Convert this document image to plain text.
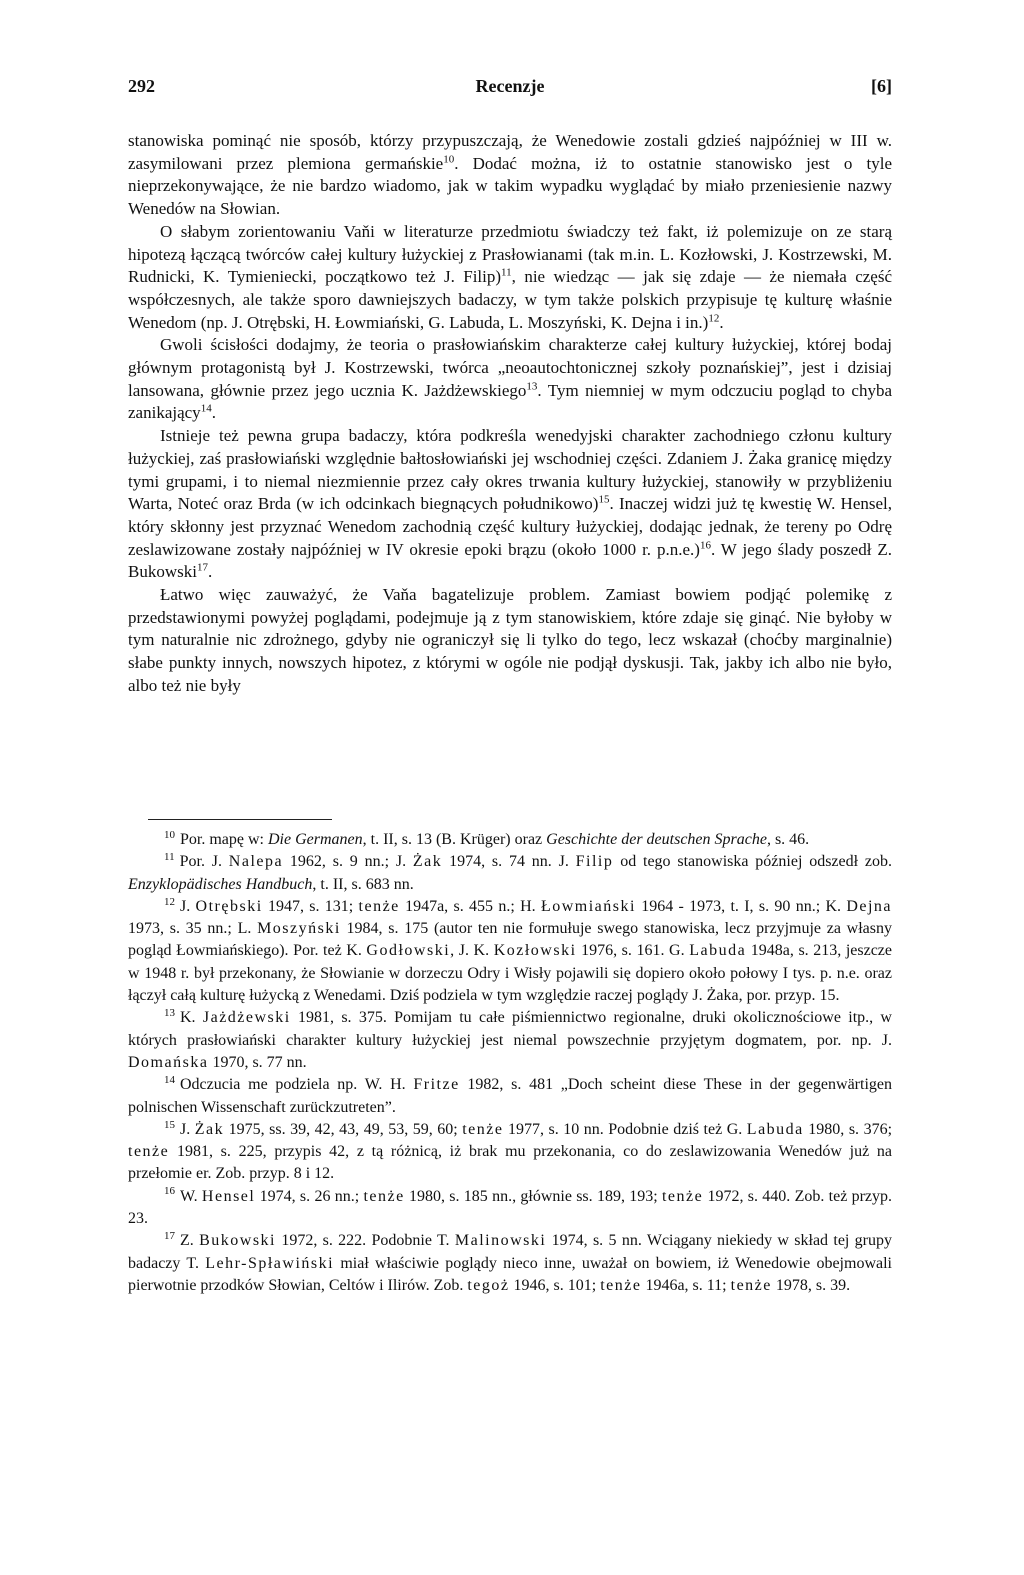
292	Recenzje	[6]

stanowiska pominąć nie sposób, którzy przypuszczają, że Wenedowie zostali gdzieś najpóźniej w III w. zasymilowani przez plemiona germańskie$^{10}$. Dodać można, iż to ostatnie stanowisko jest o tyle nieprzekonywające, że nie bardzo wiadomo, jak w takim wypadku wyglądać by miało przeniesienie nazwy Wenedów na Słowian.

O słabym zorientowaniu Vaňi w literaturze przedmiotu świadczy też fakt, iż polemizuje on ze starą hipotezą łączącą twórców całej kultury łużyckiej z Prasłowianami (tak m.in. L. Kozłowski, J. Kostrzewski, M. Rudnicki, K. Tymieniecki, początkowo też J. Filip)$^{11}$, nie wiedząc — jak się zdaje — że niemała część współczesnych, ale także sporo dawniejszych badaczy, w tym także polskich przypisuje tę kulturę właśnie Wenedom (np. J. Otrębski, H. Łowmiański, G. Labuda, L. Moszyński, K. Dejna i in.)$^{12}$.

Gwoli ścisłości dodajmy, że teoria o prasłowiańskim charakterze całej kultury łużyckiej, której bodaj głównym protagonistą był J. Kostrzewski, twórca „neoautochtonicznej szkoły poznańskiej”, jest i dzisiaj lansowana, głównie przez jego ucznia K. Jażdżewskiego$^{13}$. Tym niemniej w mym odczuciu pogląd to chyba zanikający$^{14}$.

Istnieje też pewna grupa badaczy, która podkreśla wenedyjski charakter zachodniego członu kultury łużyckiej, zaś prasłowiański względnie bałtosłowiański jej wschodniej części. Zdaniem J. Żaka granicę między tymi grupami, i to niemal niezmiennie przez cały okres trwania kultury łużyckiej, stanowiły w przybliżeniu Warta, Noteć oraz Brda (w ich odcinkach biegnących południkowo)$^{15}$. Inaczej widzi już tę kwestię W. Hensel, który skłonny jest przyznać Wenedom zachodnią część kultury łużyckiej, dodając jednak, że tereny po Odrę zeslawizowane zostały najpóźniej w IV okresie epoki brązu (około 1000 r. p.n.e.)$^{16}$. W jego ślady poszedł Z. Bukowski$^{17}$.

Łatwo więc zauważyć, że Vaňa bagatelizuje problem. Zamiast bowiem podjąć polemikę z przedstawionymi powyżej poglądami, podejmuje ją z tym stanowiskiem, które zdaje się ginąć. Nie byłoby w tym naturalnie nic zdrożnego, gdyby nie ograniczył się li tylko do tego, lecz wskazał (choćby marginalnie) słabe punkty innych, nowszych hipotez, z którymi w ogóle nie podjął dyskusji. Tak, jakby ich albo nie było, albo też nie były

$^{10}$ Por. mapę w: Die Germanen, t. II, s. 13 (B. Krüger) oraz Geschichte der deutschen Sprache, s. 46.

$^{11}$ Por. J. Nalepa 1962, s. 9 nn.; J. Żak 1974, s. 74 nn. J. Filip od tego stanowiska później odszedł zob. Enzyklopädisches Handbuch, t. II, s. 683 nn.

$^{12}$ J. Otrębski 1947, s. 131; tenże 1947a, s. 455 n.; H. Łowmiański 1964 - 1973, t. I, s. 90 nn.; K. Dejna 1973, s. 35 nn.; L. Moszyński 1984, s. 175 (autor ten nie formułuje swego stanowiska, lecz przyjmuje za własny pogląd Łowmiańskiego). Por. też K. Godłowski, J. K. Kozłowski 1976, s. 161. G. Labuda 1948a, s. 213, jeszcze w 1948 r. był przekonany, że Słowianie w dorzeczu Odry i Wisły pojawili się dopiero około połowy I tys. p. n.e. oraz łączył całą kulturę łużycką z Wenedami. Dziś podziela w tym względzie raczej poglądy J. Żaka, por. przyp. 15.

$^{13}$ K. Jażdżewski 1981, s. 375. Pomijam tu całe piśmiennictwo regionalne, druki okolicznościowe itp., w których prasłowiański charakter kultury łużyckiej jest niemal powszechnie przyjętym dogmatem, por. np. J. Domańska 1970, s. 77 nn.

$^{14}$ Odczucia me podziela np. W. H. Fritze 1982, s. 481 „Doch scheint diese These in der gegenwärtigen polnischen Wissenschaft zurückzutreten”.

$^{15}$ J. Żak 1975, ss. 39, 42, 43, 49, 53, 59, 60; tenże 1977, s. 10 nn. Podobnie dziś też G. Labuda 1980, s. 376; tenże 1981, s. 225, przypis 42, z tą różnicą, iż brak mu przekonania, co do zeslawizowania Wenedów już na przełomie er. Zob. przyp. 8 i 12.

$^{16}$ W. Hensel 1974, s. 26 nn.; tenże 1980, s. 185 nn., głównie ss. 189, 193; tenże 1972, s. 440. Zob. też przyp. 23.

$^{17}$ Z. Bukowski 1972, s. 222. Podobnie T. Malinowski 1974, s. 5 nn. Wciągany niekiedy w skład tej grupy badaczy T. Lehr-Spławiński miał właściwie poglądy nieco inne, uważał on bowiem, iż Wenedowie obejmowali pierwotnie przodków Słowian, Celtów i Ilirów. Zob. tegoż 1946, s. 101; tenże 1946a, s. 11; tenże 1978, s. 39.
